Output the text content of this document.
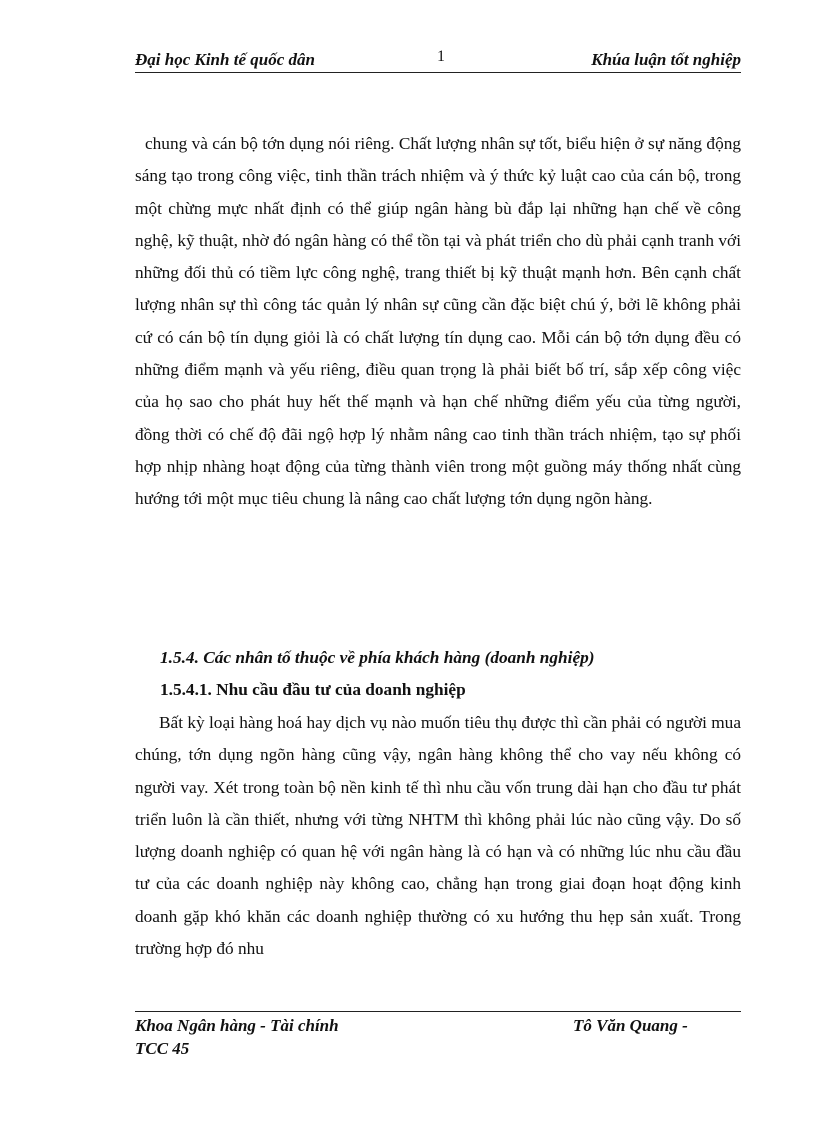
Đại học Kinh tế quốc dân	1	Khúa luận tốt nghiệp

chung và cán bộ tớn dụng nói riêng. Chất lượng nhân sự tốt, biểu hiện ở sự năng động sáng tạo trong công việc, tinh thần trách nhiệm và ý thức kỷ luật cao của cán bộ, trong một chừng mực nhất định có thể giúp ngân hàng bù đắp lại những hạn chế về công nghệ, kỹ thuật, nhờ đó ngân hàng có thể tồn tại và phát triển cho dù phải cạnh tranh với những đối thủ có tiềm lực công nghệ, trang thiết bị kỹ thuật mạnh hơn. Bên cạnh chất lượng nhân sự thì công tác quản lý nhân sự cũng cần đặc biệt chú ý, bởi lẽ không phải cứ có cán bộ tín dụng giỏi là có chất lượng tín dụng cao. Mỗi cán bộ tớn dụng đều có những điểm mạnh và yếu riêng, điều quan trọng là phải biết bố trí, sắp xếp công việc của họ sao cho phát huy hết thế mạnh và hạn chế những điểm yếu của từng người, đồng thời có chế độ đãi ngộ hợp lý nhằm nâng cao tinh thần trách nhiệm, tạo sự phối hợp nhịp nhàng hoạt động của từng thành viên trong một guồng máy thống nhất cùng hướng tới một mục tiêu chung là nâng cao chất lượng tớn dụng ngõn hàng.

1.5.4. Các nhân tố thuộc về phía khách hàng (doanh nghiệp)
1.5.4.1. Nhu cầu đầu tư của doanh nghiệp

Bất kỳ loại hàng hoá hay dịch vụ nào muốn tiêu thụ được thì cần phải có người mua chúng, tớn dụng ngõn hàng cũng vậy, ngân hàng không thể cho vay nếu không có người vay. Xét trong toàn bộ nền kinh tế thì nhu cầu vốn trung dài hạn cho đầu tư phát triển luôn là cần thiết, nhưng với từng NHTM thì không phải lúc nào cũng vậy. Do số lượng doanh nghiệp có quan hệ với ngân hàng là có hạn và có những lúc nhu cầu đầu tư của các doanh nghiệp này không cao, chẳng hạn trong giai đoạn hoạt động kinh doanh gặp khó khăn các doanh nghiệp thường có xu hướng thu hẹp sản xuất. Trong trường hợp đó nhu

Khoa Ngân hàng - Tài chính	Tô Văn Quang -
TCC 45
